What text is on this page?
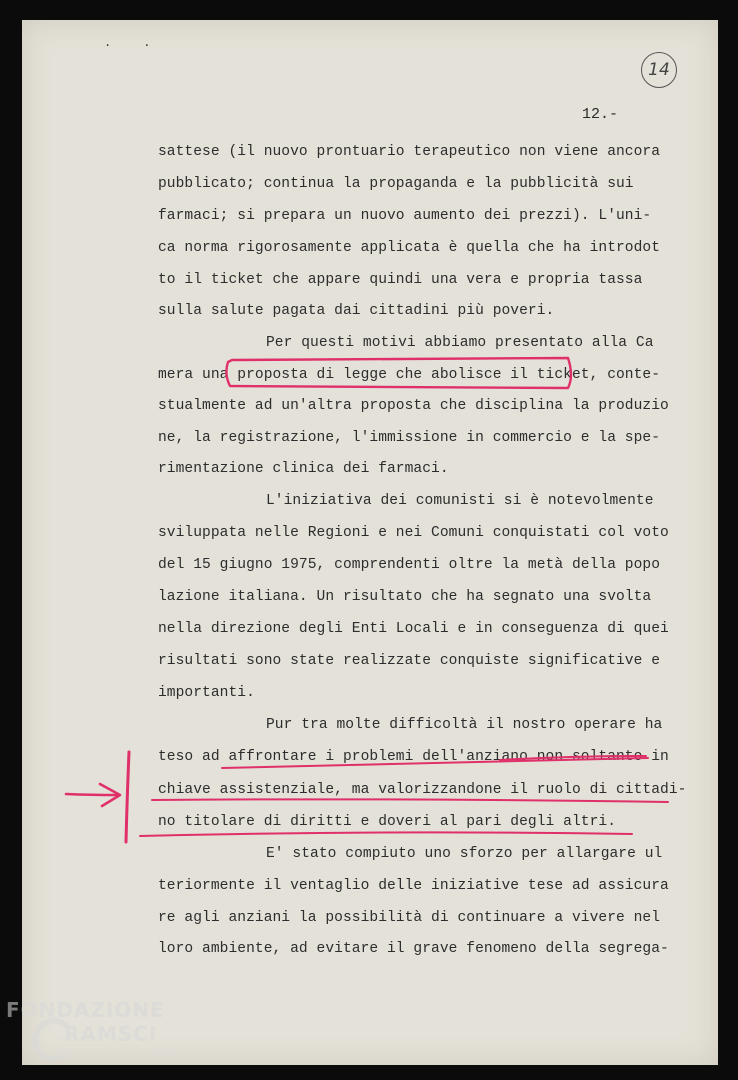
..
14
12.-
sattese (il nuovo prontuario terapeutico non viene ancora
pubblicato; continua la propaganda e la pubblicità sui
farmaci; si prepara un nuovo aumento dei prezzi). L'uni-
ca norma rigorosamente applicata è quella che ha introdot
to il ticket che appare quindi una vera e propria tassa
sulla salute pagata dai cittadini più poveri.
Per questi motivi abbiamo presentato alla Ca
mera una proposta di legge che abolisce il ticket, conte-
stualmente ad un'altra proposta che disciplina la produzio
ne, la registrazione, l'immissione in commercio e la spe-
rimentazione clinica dei farmaci.
L'iniziativa dei comunisti si è notevolmente
sviluppata nelle Regioni e nei Comuni conquistati col voto
del 15 giugno 1975, comprendenti oltre la metà della popo
lazione italiana. Un risultato che ha segnato una svolta
nella direzione degli Enti Locali e in conseguenza di quei
risultati sono state realizzate conquiste significative e
importanti.
Pur tra molte difficoltà il nostro operare ha
teso ad affrontare i problemi dell'anziano non soltanto in
chiave assistenziale, ma valorizzandone il ruolo di cittadi-
no titolare di diritti e doveri al pari degli altri.
E' stato compiuto uno sforzo per allargare ul
teriormente il ventaglio delle iniziative tese ad assicura
re agli anziani la possibilità di continuare a vivere nel
loro ambiente, ad evitare il grave fenomeno della segrega-
FONDAZIONE
RAMSCI
onlus
